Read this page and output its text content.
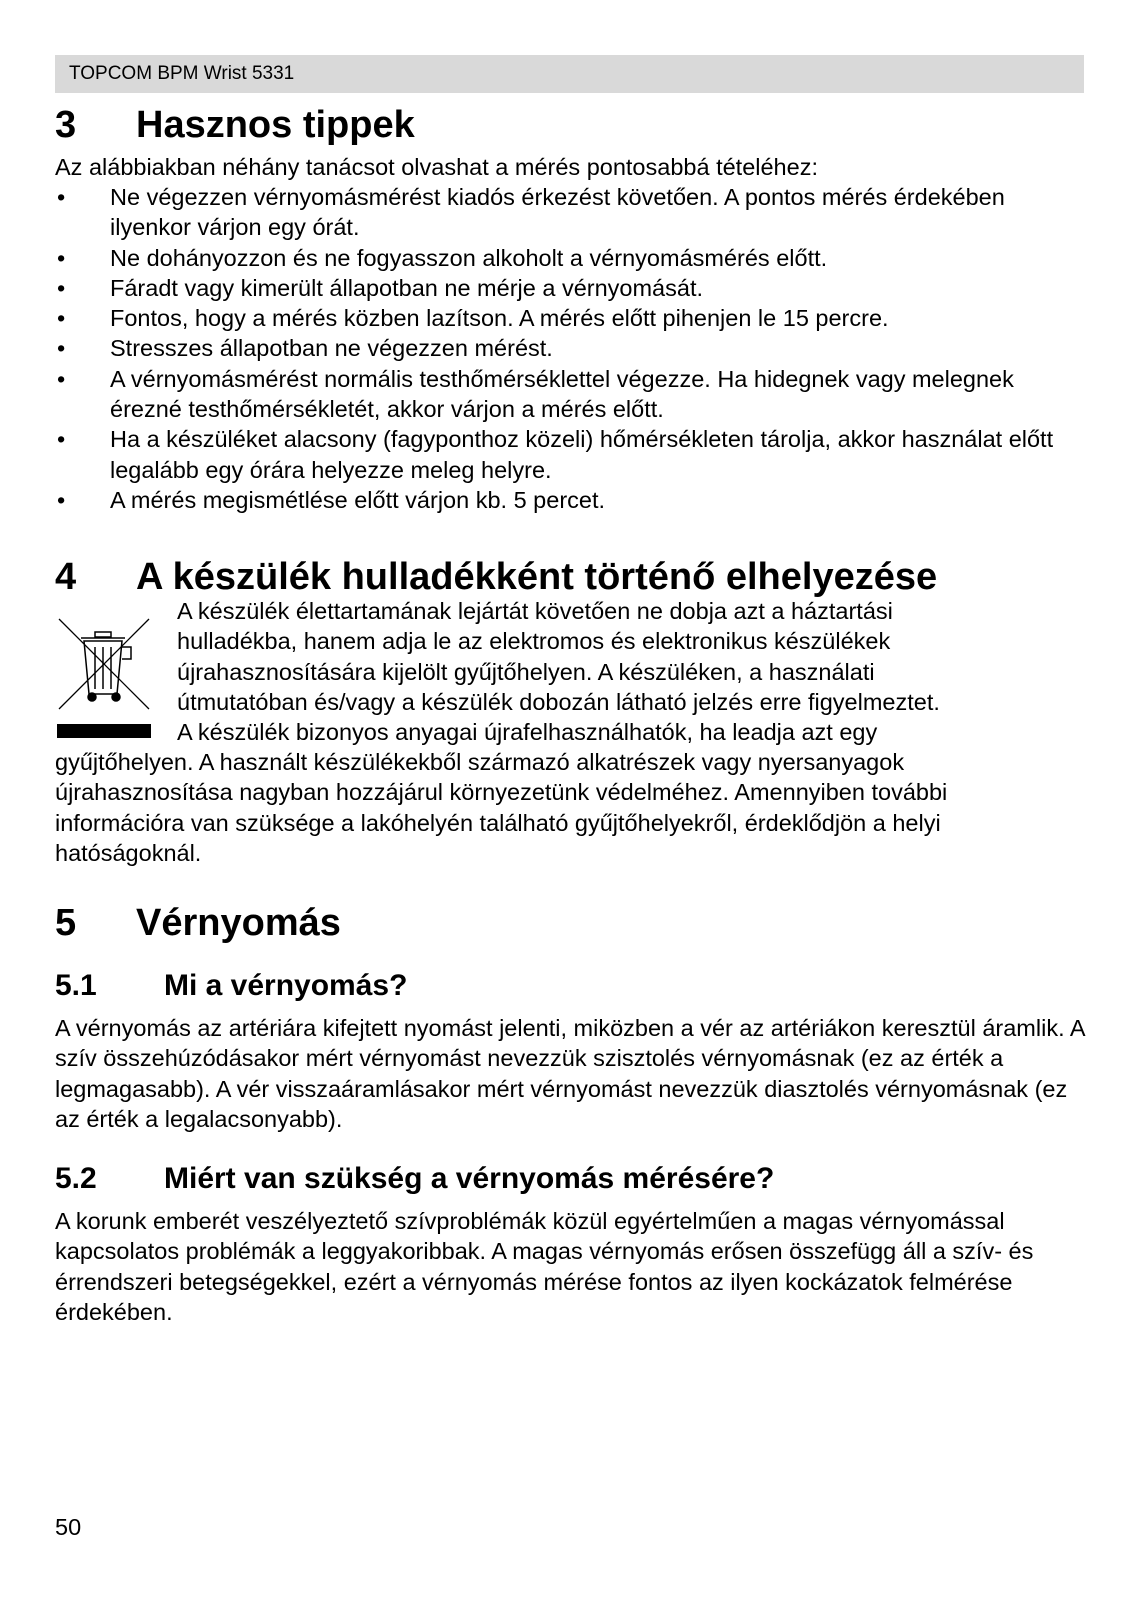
TOPCOM BPM Wrist 5331
3 Hasznos tippek

Az alábbiakban néhány tanácsot olvashat a mérés pontosabbá tételéhez:

• Ne végezzen vérnyomásmérést kiadós érkezést követően. A pontos mérés érdekében ilyenkor várjon egy órát.
• Ne dohányozzon és ne fogyasszon alkoholt a vérnyomásmérés előtt.
• Fáradt vagy kimerült állapotban ne mérje a vérnyomását.
• Fontos, hogy a mérés közben lazítson. A mérés előtt pihenjen le 15 percre.
• Stresszes állapotban ne végezzen mérést.
• A vérnyomásmérést normális testhőmérséklettel végezze. Ha hidegnek vagy melegnek érezné testhőmérsékletét, akkor várjon a mérés előtt.
• Ha a készüléket alacsony (fagyponthoz közeli) hőmérsékleten tárolja, akkor használat előtt legalább egy órára helyezze meleg helyre.
• A mérés megismétlése előtt várjon kb. 5 percet.
4 A készülék hulladékként történő elhelyezése
A készülék élettartamának lejártát követően ne dobja azt a háztartási
hulladékba, hanem adja le az elektromos és elektronikus készülékek
újrahasznosítására kijelölt gyűjtőhelyen. A készüléken, a használati
útmutatóban és/vagy a készülék dobozán látható jelzés erre figyelmeztet.
A készülék bizonyos anyagai újrafelhasználhatók, ha leadja azt egy
gyűjtőhelyen. A használt készülékekből származó alkatrészek vagy nyersanyagok
újrahasznosítása nagyban hozzájárul környezetünk védelméhez. Amennyiben további
információra van szüksége a lakóhelyén található gyűjtőhelyekről, érdeklődjön a helyi
hatóságoknál.
5 Vérnyomás
5.1 Mi a vérnyomás?

A vérnyomás az artériára kifejtett nyomást jelenti, miközben a vér az artériákon keresztül áramlik. A szív összehúzódásakor mért vérnyomást nevezzük szisztolés vérnyomásnak (ez az érték a legmagasabb). A vér visszaáramlásakor mért vérnyomást nevezzük diasztolés vérnyomásnak (ez az érték a legalacsonyabb).

5.2 Miért van szükség a vérnyomás mérésére?

A korunk emberét veszélyeztető szívproblémák közül egyértelműen a magas vérnyomással kapcsolatos problémák a leggyakoribbak. A magas vérnyomás erősen összefügg áll a szív- és érrendszeri betegségekkel, ezért a vérnyomás mérése fontos az ilyen kockázatok felmérése érdekében.

50
